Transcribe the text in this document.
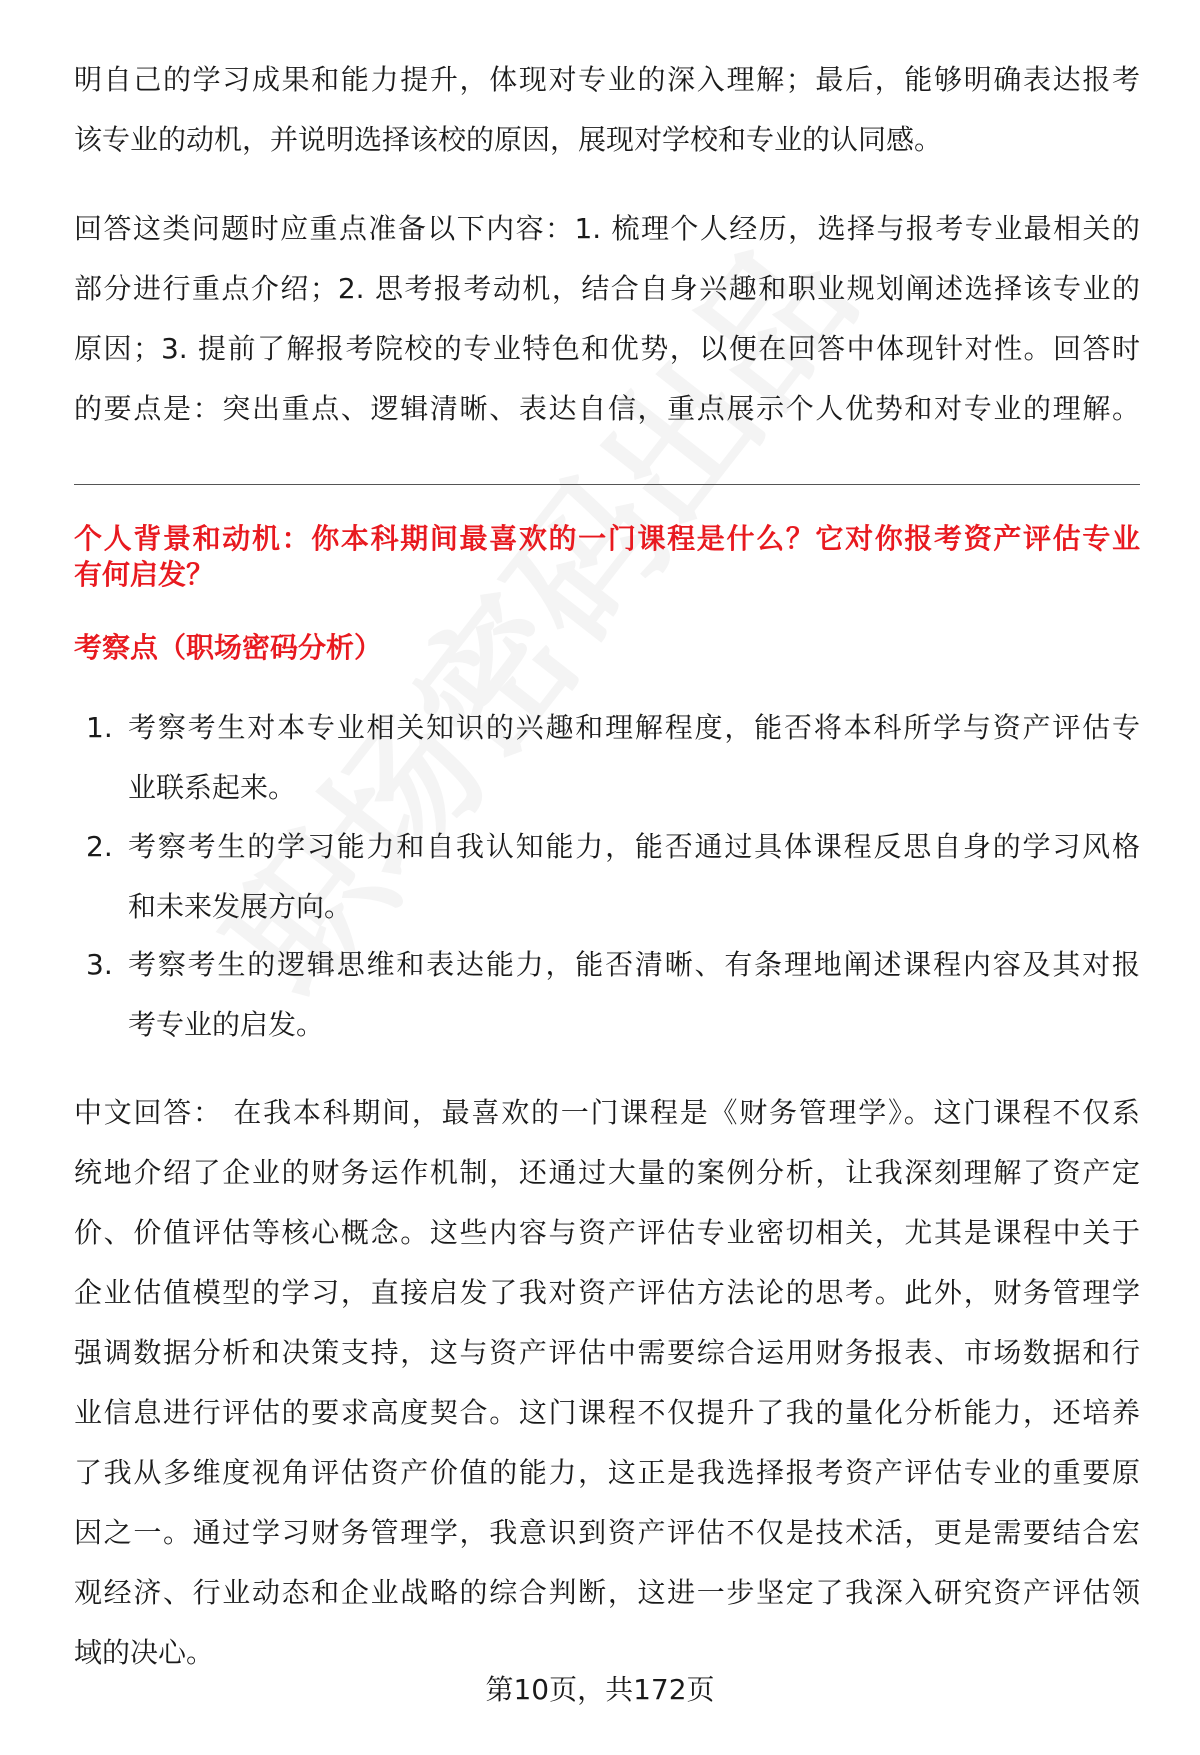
明自己的学习成果和能力提升，体现对专业的深入理解；最后，能够明确表达报考
该专业的动机，并说明选择该校的原因，展现对学校和专业的认同感。
回答这类问题时应重点准备以下内容：1. 梳理个人经历，选择与报考专业最相关的
部分进行重点介绍；2. 思考报考动机，结合自身兴趣和职业规划阐述选择该专业的
原因；3. 提前了解报考院校的专业特色和优势，以便在回答中体现针对性。回答时
的要点是：突出重点、逻辑清晰、表达自信，重点展示个人优势和对专业的理解。
个人背景和动机：你本科期间最喜欢的一门课程是什么？它对你报考资产评估专业
有何启发？
考察点（职场密码分析）
1. 考察考生对本专业相关知识的兴趣和理解程度，能否将本科所学与资产评估专
业联系起来。
2. 考察考生的学习能力和自我认知能力，能否通过具体课程反思自身的学习风格
和未来发展方向。
3. 考察考生的逻辑思维和表达能力，能否清晰、有条理地阐述课程内容及其对报
考专业的启发。
中文回答： 在我本科期间，最喜欢的一门课程是《财务管理学》。这门课程不仅系
统地介绍了企业的财务运作机制，还通过大量的案例分析，让我深刻理解了资产定
价、价值评估等核心概念。这些内容与资产评估专业密切相关，尤其是课程中关于
企业估值模型的学习，直接启发了我对资产评估方法论的思考。此外，财务管理学
强调数据分析和决策支持，这与资产评估中需要综合运用财务报表、市场数据和行
业信息进行评估的要求高度契合。这门课程不仅提升了我的量化分析能力，还培养
了我从多维度视角评估资产价值的能力，这正是我选择报考资产评估专业的重要原
因之一。通过学习财务管理学，我意识到资产评估不仅是技术活，更是需要结合宏
观经济、行业动态和企业战略的综合判断，这进一步坚定了我深入研究资产评估领
域的决心。
第10页，共172页
